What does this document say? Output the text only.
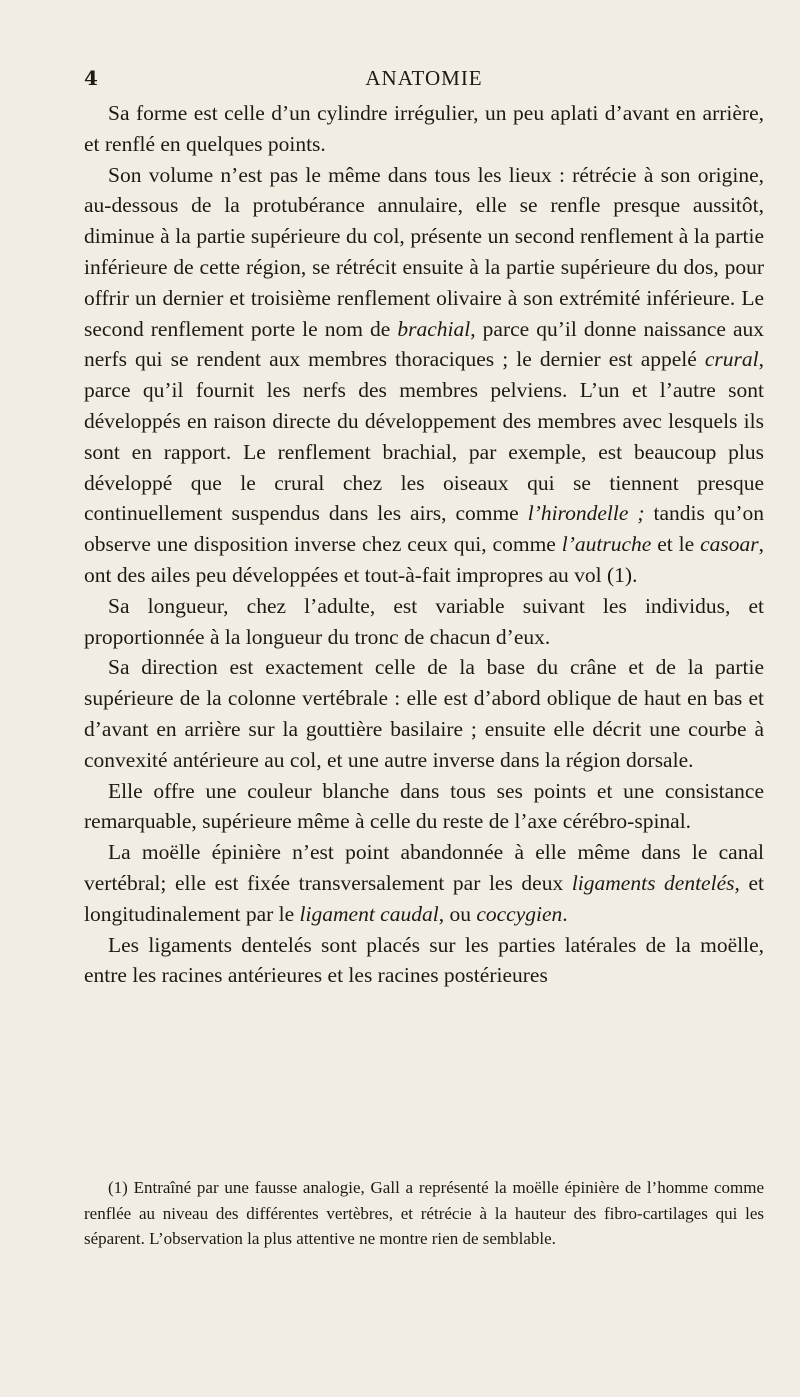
4	ANATOMIE

Sa forme est celle d’un cylindre irrégulier, un peu aplati d’avant en arrière, et renflé en quelques points.

Son volume n’est pas le même dans tous les lieux : rétrécie à son origine, au-dessous de la protubérance annulaire, elle se renfle presque aussitôt, diminue à la partie supérieure du col, présente un second renflement à la partie inférieure de cette région, se rétrécit ensuite à la partie supérieure du dos, pour offrir un dernier et troisième renflement olivaire à son extrémité inférieure. Le second renflement porte le nom de brachial, parce qu’il donne naissance aux nerfs qui se rendent aux membres thoraciques ; le dernier est appelé crural, parce qu’il fournit les nerfs des membres pelviens. L’un et l’autre sont développés en raison directe du développement des membres avec lesquels ils sont en rapport. Le renflement brachial, par exemple, est beaucoup plus développé que le crural chez les oiseaux qui se tiennent presque continuellement suspendus dans les airs, comme l’hirondelle ; tandis qu’on observe une disposition inverse chez ceux qui, comme l’autruche et le casoar, ont des ailes peu développées et tout-à-fait impropres au vol (1).

Sa longueur, chez l’adulte, est variable suivant les individus, et proportionnée à la longueur du tronc de chacun d’eux.

Sa direction est exactement celle de la base du crâne et de la partie supérieure de la colonne vertébrale : elle est d’abord oblique de haut en bas et d’avant en arrière sur la gouttière basilaire ; ensuite elle décrit une courbe à convexité antérieure au col, et une autre inverse dans la région dorsale.

Elle offre une couleur blanche dans tous ses points et une consistance remarquable, supérieure même à celle du reste de l’axe cérébro-spinal.

La moëlle épinière n’est point abandonnée à elle même dans le canal vertébral; elle est fixée transversalement par les deux ligaments dentelés, et longitudinalement par le ligament caudal, ou coccygien.

Les ligaments dentelés sont placés sur les parties latérales de la moëlle, entre les racines antérieures et les racines postérieures

(1) Entraîné par une fausse analogie, Gall a représenté la moëlle épinière de l’homme comme renflée au niveau des différentes vertèbres, et rétrécie à la hauteur des fibro-cartilages qui les séparent. L’observation la plus attentive ne montre rien de semblable.
